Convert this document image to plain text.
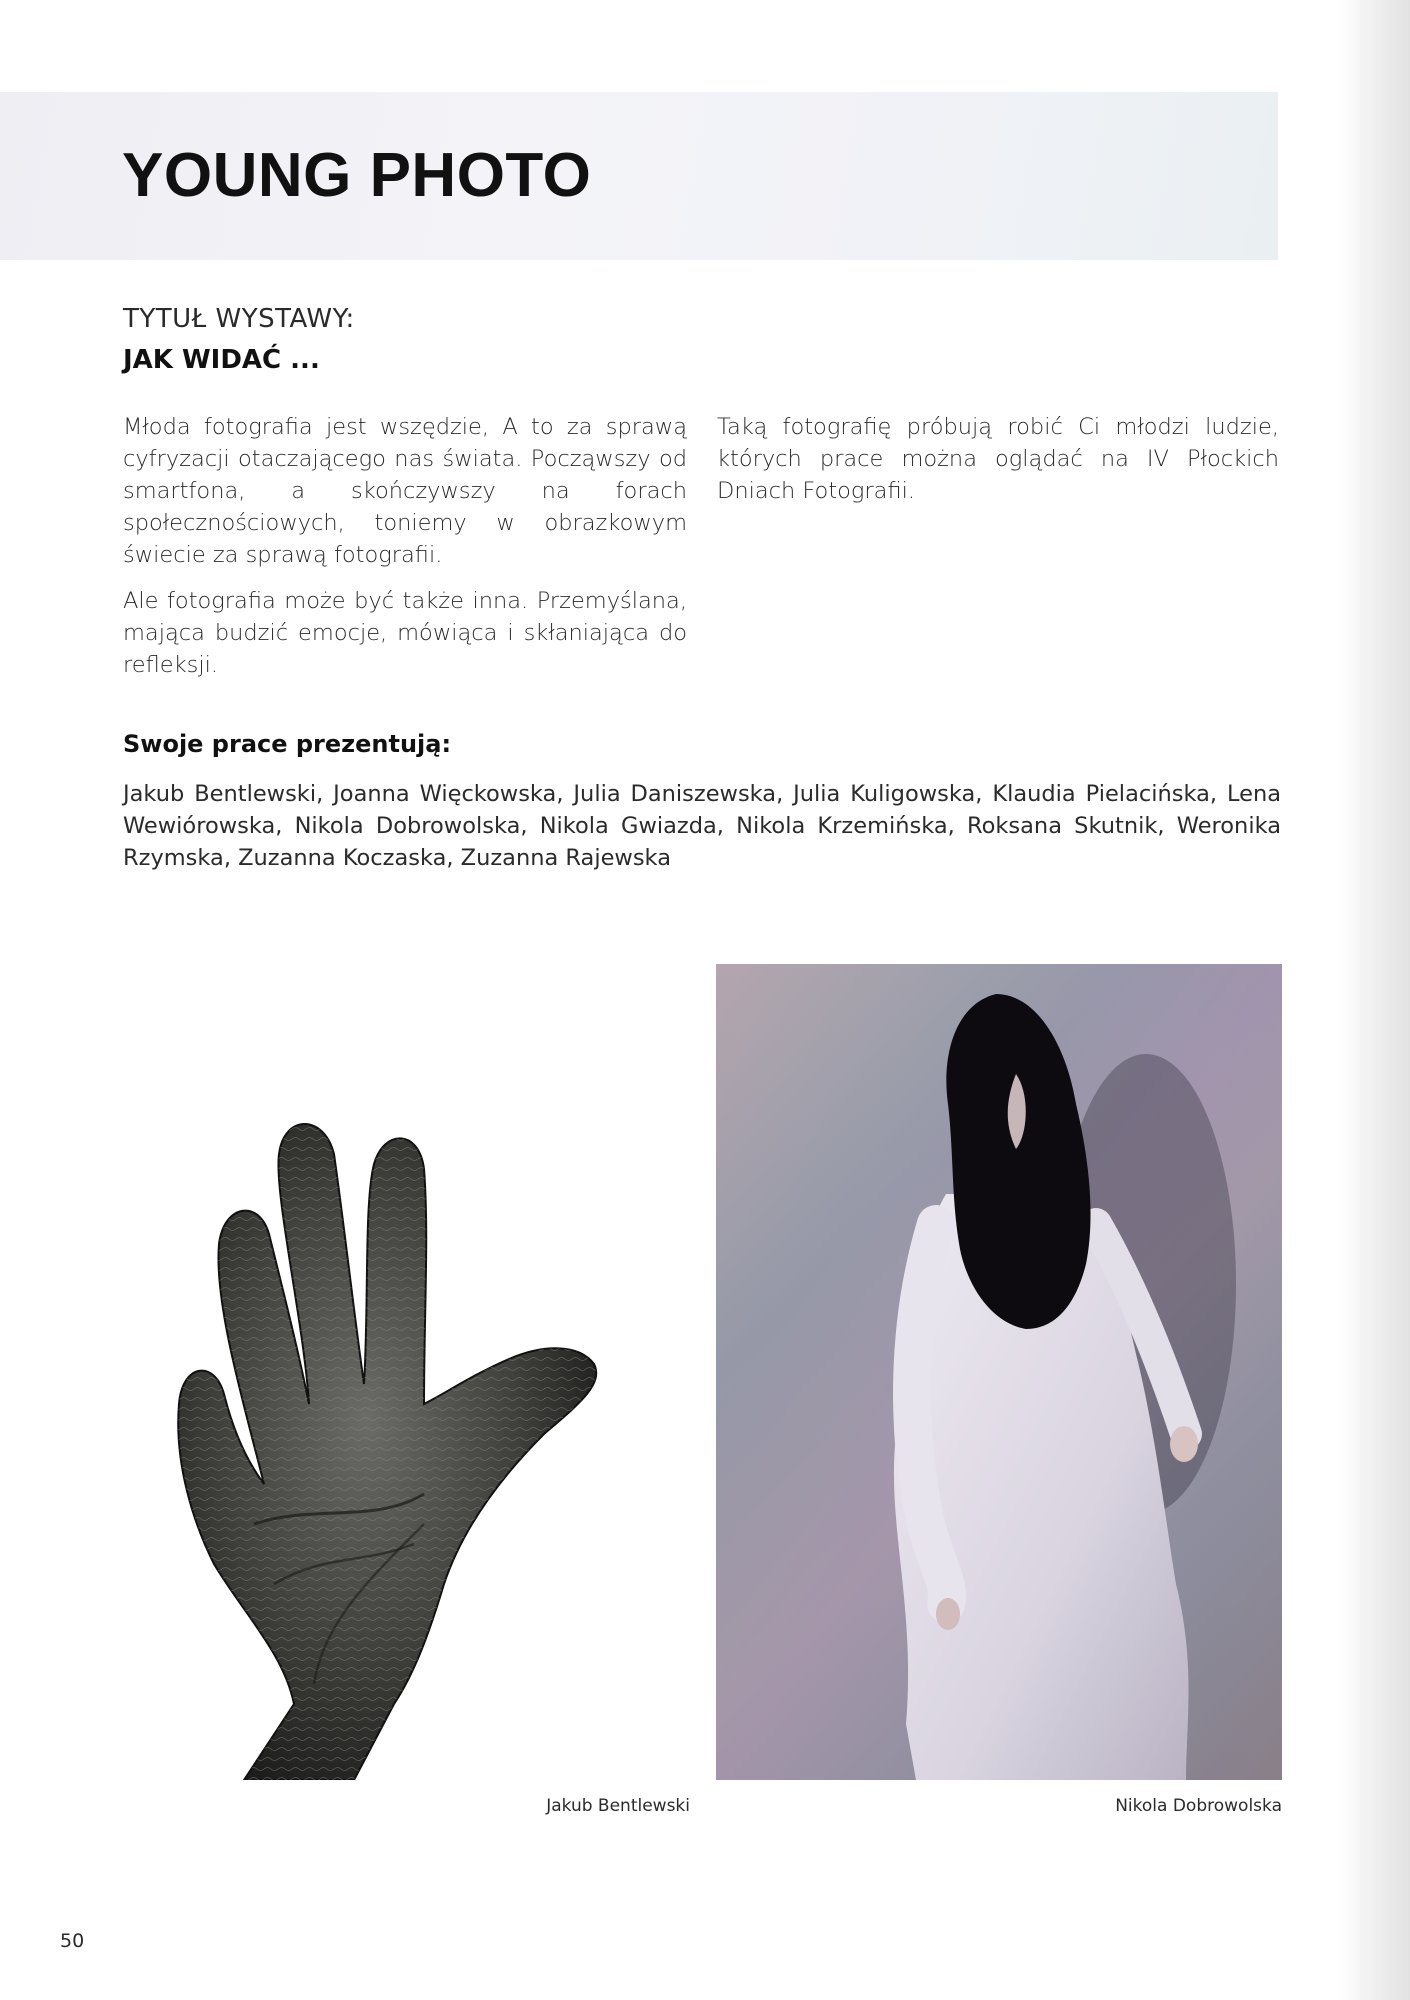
YOUNG PHOTO
TYTUŁ WYSTAWY:
JAK WIDAĆ ...

Młoda fotografia jest wszędzie, A to za sprawą cyfryzacji otaczającego nas świata. Począwszy od smartfona, a skończywszy na forach społecznościowych, toniemy w obrazkowym świecie za sprawą fotografii.

Ale fotografia może być także inna. Przemyślana, mająca budzić emocje, mówiąca i skłaniająca do refleksji.

Taką fotografię próbują robić Ci młodzi ludzie, których prace można oglądać na IV Płockich Dniach Fotografii.

Swoje prace prezentują:
Jakub Bentlewski, Joanna Więckowska, Julia Daniszewska, Julia Kuligowska, Klaudia Pielacińska, Lena Wewiórowska, Nikola Dobrowolska, Nikola Gwiazda, Nikola Krzemińska, Roksana Skutnik, Weronika Rzymska, Zuzanna Koczaska, Zuzanna Rajewska
Jakub Bentlewski	Nikola Dobrowolska
50
